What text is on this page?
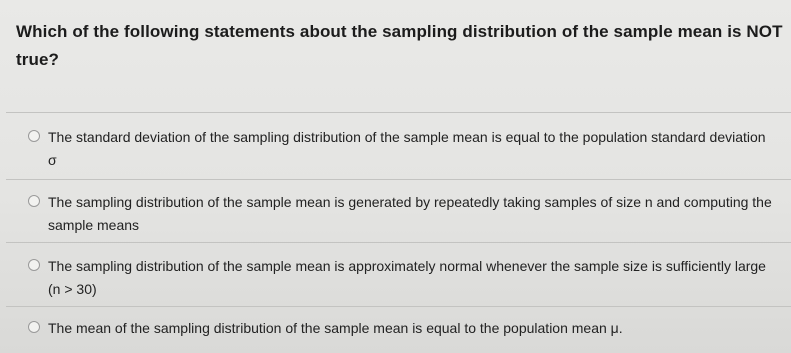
Which of the following statements about the sampling distribution of the sample mean is NOT true?
The standard deviation of the sampling distribution of the sample mean is equal to the population standard deviation σ
The sampling distribution of the sample mean is generated by repeatedly taking samples of size n and computing the sample means
The sampling distribution of the sample mean is approximately normal whenever the sample size is sufficiently large (n > 30)
The mean of the sampling distribution of the sample mean is equal to the population mean μ.
